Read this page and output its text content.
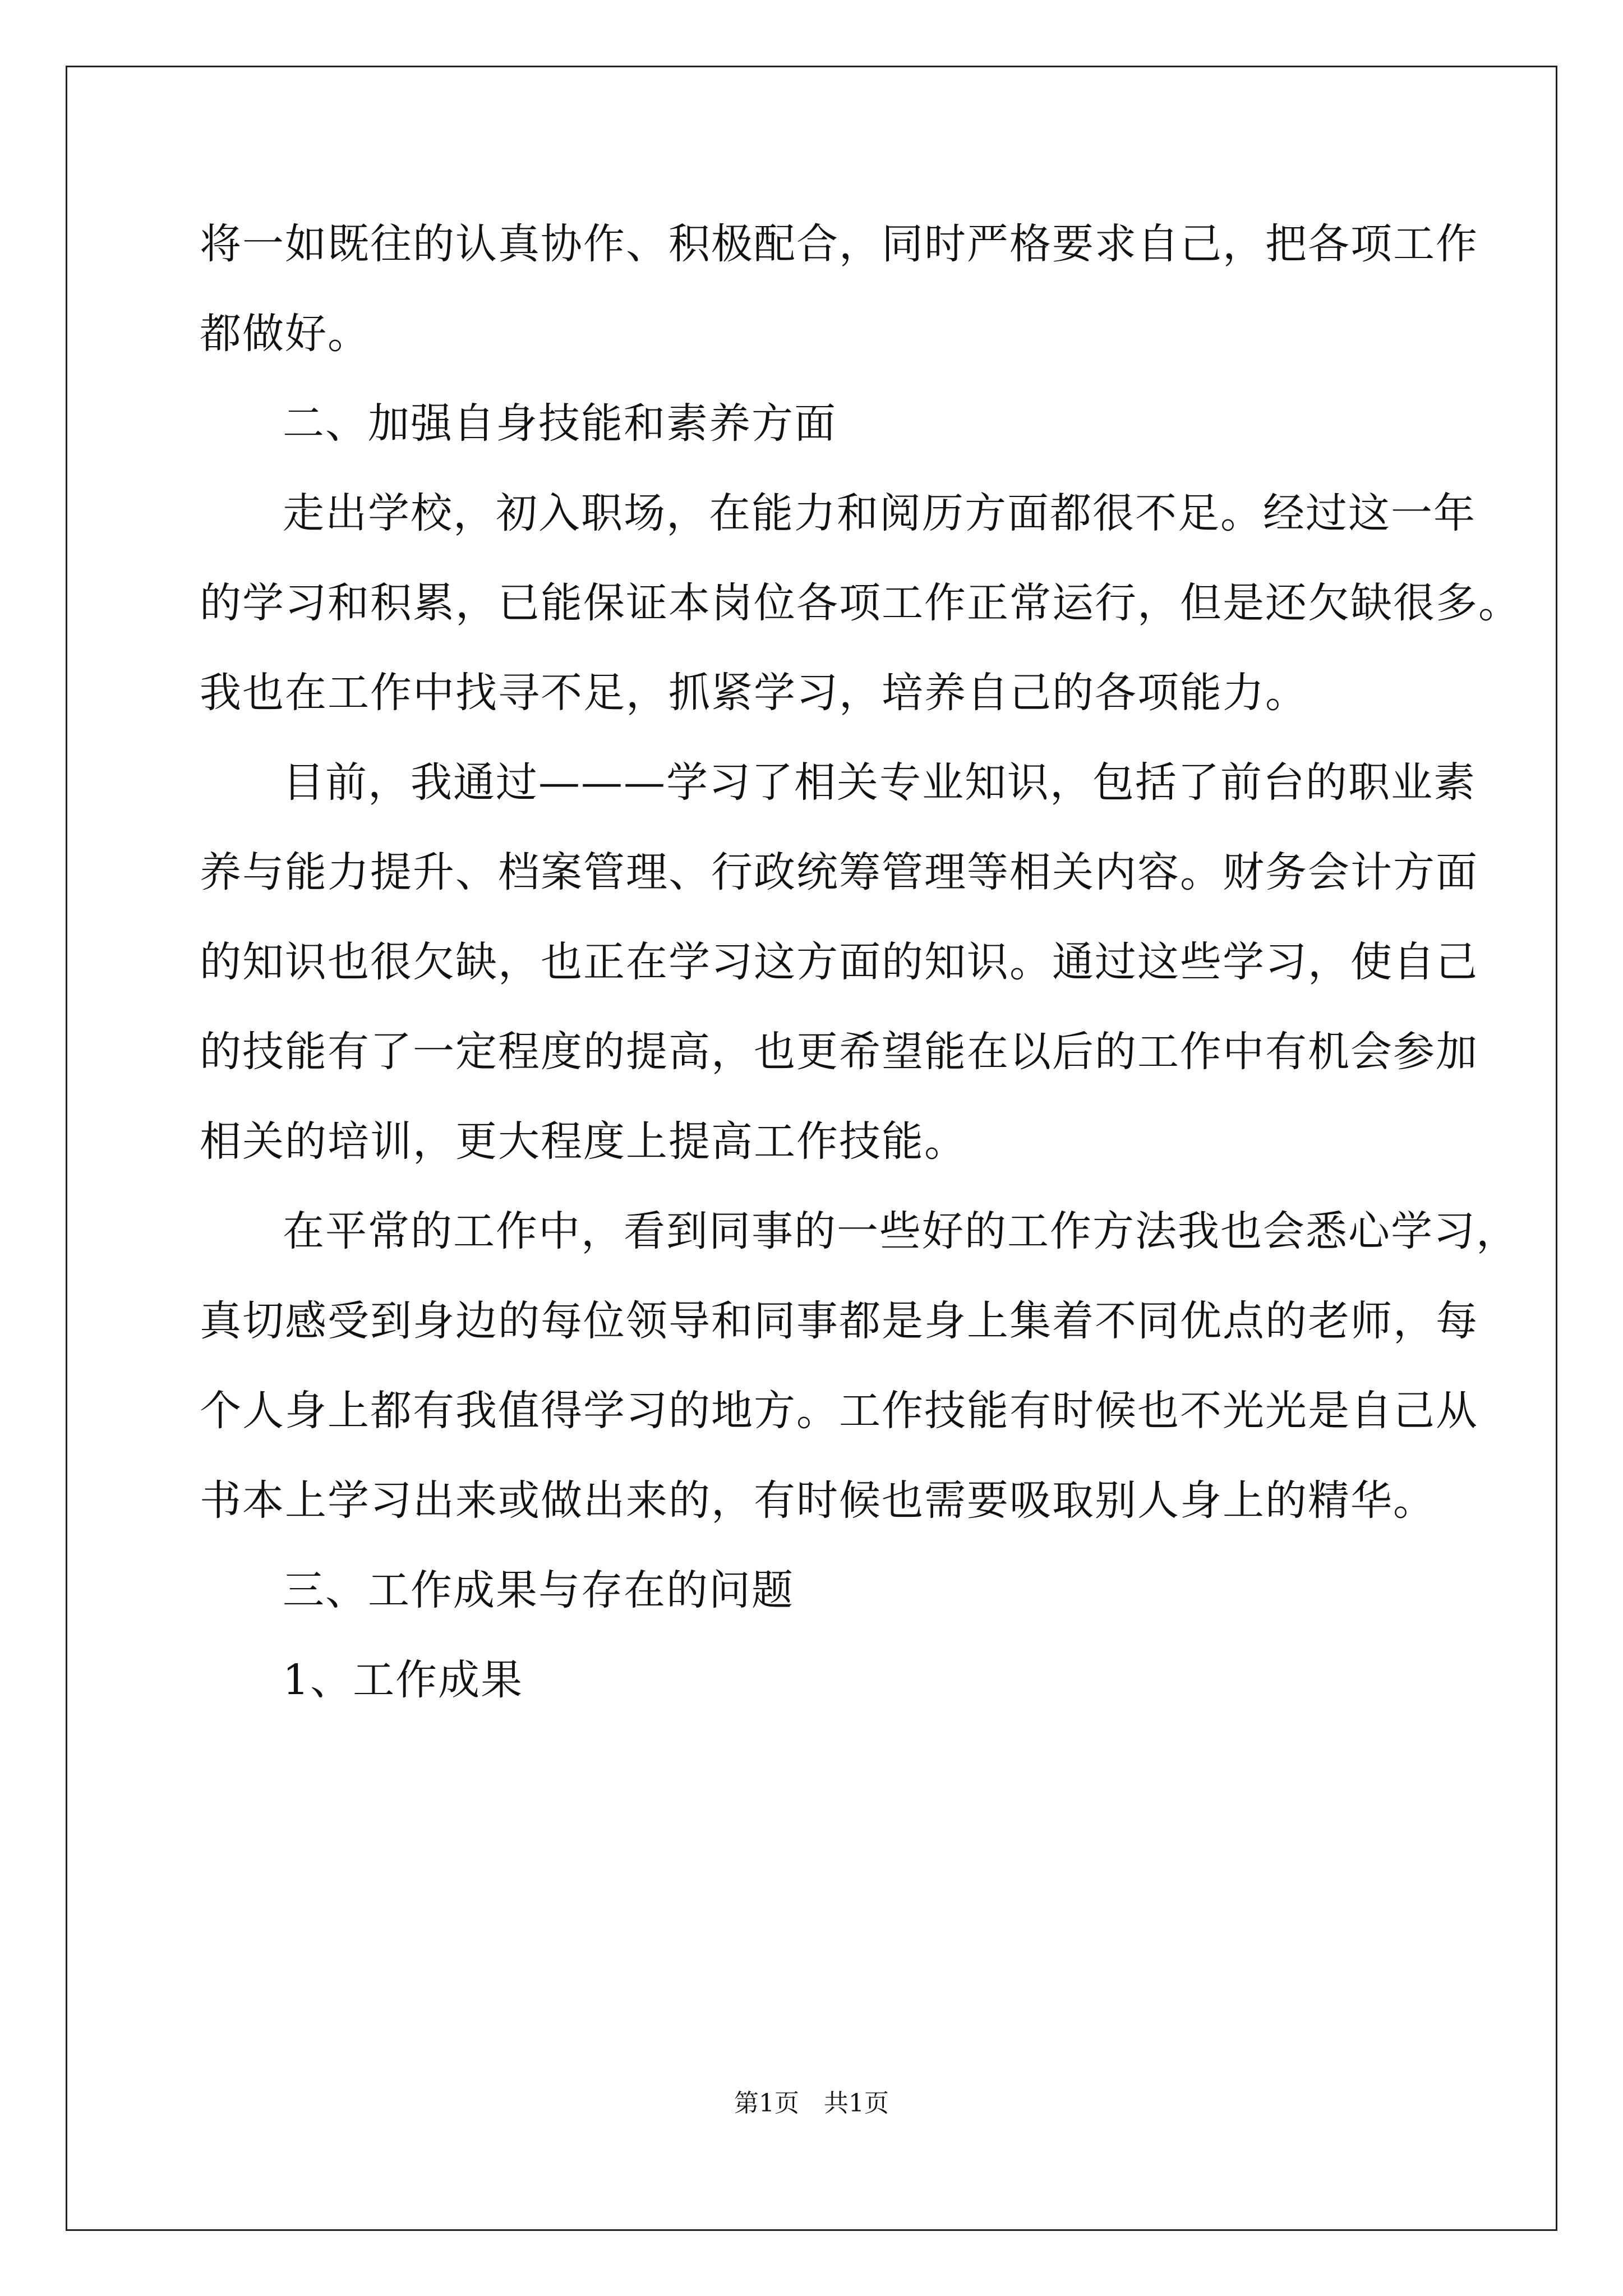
将一如既往的认真协作、积极配合，同时严格要求自己，把各项工作
都做好。
二、加强自身技能和素养方面
走出学校，初入职场，在能力和阅历方面都很不足。经过这一年
的学习和积累，已能保证本岗位各项工作正常运行，但是还欠缺很多。
我也在工作中找寻不足，抓紧学习，培养自己的各项能力。
目前，我通过———学习了相关专业知识，包括了前台的职业素
养与能力提升、档案管理、行政统筹管理等相关内容。财务会计方面
的知识也很欠缺，也正在学习这方面的知识。通过这些学习，使自己
的技能有了一定程度的提高，也更希望能在以后的工作中有机会参加
相关的培训，更大程度上提高工作技能。
在平常的工作中，看到同事的一些好的工作方法我也会悉心学习，
真切感受到身边的每位领导和同事都是身上集着不同优点的老师，每
个人身上都有我值得学习的地方。工作技能有时候也不光光是自己从
书本上学习出来或做出来的，有时候也需要吸取别人身上的精华。
三、工作成果与存在的问题
1、工作成果
第1页　共1页
